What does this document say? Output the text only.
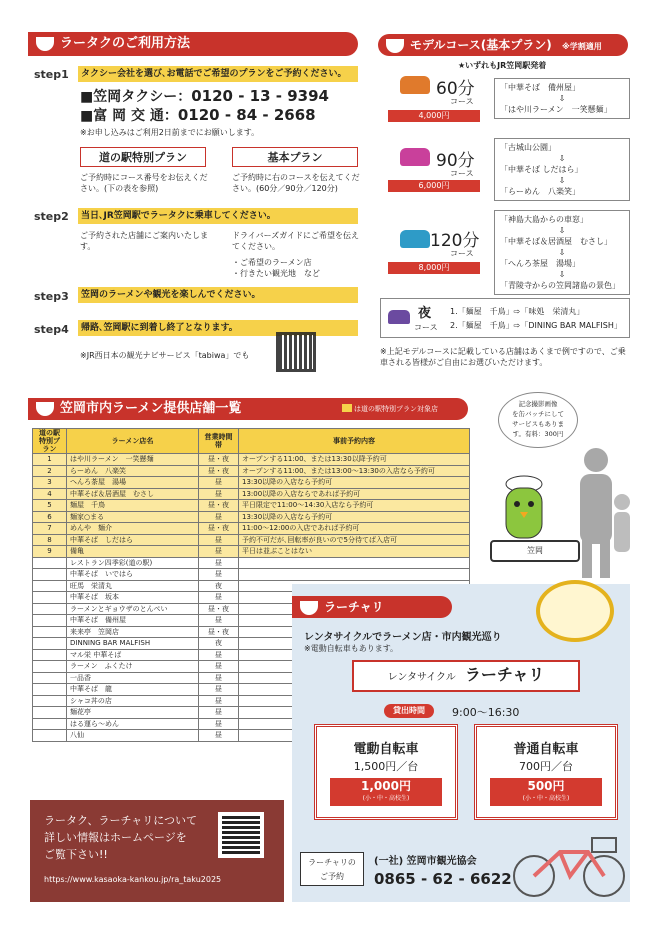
ラータクのご利用方法
step1	タクシー会社を選び､お電話でご希望のプランをご予約ください。
■笠岡タクシー：0120 - 13 - 9394
■富 岡 交 通：0120 - 84 - 2668
※お申し込みはご利用2日前までにお願いします。
道の駅特別プラン
ご予約時にコース番号をお伝えください。(下の表を参照)
基本プラン
ご予約時に右のコースを伝えてください。(60分／90分／120分)
step2	当日､JR笠岡駅でラータクに乗車してください。
ご予約された店舗にご案内いたします。
ドライバーズガイドにご希望を伝えてください。
・ご希望のラーメン店
・行きたい観光地　など
step3	笠岡のラーメンや観光を楽しんでください。
step4	帰路､笠岡駅に到着し終了となります。
※JR西日本の観光ナビサービス「tabiwa」でも
モデルコース(基本プラン) ※学割適用
★いずれもJR笠岡駅発着
60分
コース
4,000円
「中華そば　備州屋」
⇩
「はや川ラーメン　一笑懸麺」
90分
コース
6,000円
「古城山公園」
⇩
「中華そば しだはら」
⇩
「らーめん　八楽笑」
120分
コース
8,000円
「神島大島からの車窓」
⇩
「中華そば＆居酒屋　むさし」
⇩
「へんろ茶屋　湯場」
⇩
「青陵寺からの笠岡諸島の景色」
夜
コース
1.「麺屋　千鳥」⇨「味処　栄清丸」
2.「麺屋　千鳥」⇨「DINING BAR MALFISH」
※上記モデルコースに記載している店舗はあくまで例ですので、ご乗車される皆様がご自由にお選びいただけます。
笠岡市内ラーメン提供店舗一覧	は道の駅特別プラン対象店
道の駅特別プラン	ラーメン店名	営業時間帯	事前予約内容
1	はや川ラーメン　一笑懸麺	昼・夜	オープンする11:00、または13:30以降予約可
2	らーめん　八楽笑	昼・夜	オープンする11:00、または13:00〜13:30の入店なら予約可
3	へんろ茶屋　湯場	昼	13:30以降の入店なら予約可
4	中華そば＆居酒屋　むさし	昼	13:00以降の入店ならであれば予約可
5	麺屋　千鳥	昼・夜	平日限定で11:00〜14:30入店なら予約可
6	麺家○まる	昼	13:30以降の入店なら予約可
7	めんや　麺介	昼・夜	11:00〜12:00の入店であれば予約可
8	中華そば　しだはら	昼	予約不可だが､回転率が良いので5分待てば入店可
9	備亀	昼	平日は並ぶことはない
	レストラン四季彩(道の駅)	昼	
	中華そば　いではら	昼	
	旺馬　栄清丸	夜	
	中華そば　坂本	昼	
	ラーメンとギョウザのとんぺい	昼・夜	
	中華そば　備州屋	昼	
	来来亭　笠岡店	昼・夜	
	DINNING BAR MALFISH	夜	
	マル栄 中華そば	昼	
	ラーメン　ふくたけ	昼	
	一品香	昼	
	中華そば　龍	昼	
	シャコ丼の店	昼	
	麺花亭	昼	
	はる運ら〜めん	昼	
	八仙	昼	
記念撮影画像
を缶バッチにして
サービスもありま
す。有料：300円
笠岡
ラータク、ラーチャリについて
詳しい情報はホームページを
ご覧下さい!!
https://www.kasaoka-kankou.jp/ra_taku2025
ラーチャリ
レンタサイクルでラーメン店・市内観光巡り
※電動自転車もあります。
レンタサイクル ラーチャリ
貸出時間	9:00〜16:30
電動自転車
1,500円／台
1,000円
(小・中・高校生)
普通自転車
700円／台
500円
(小・中・高校生)
ラーチャリの
ご予約
(一社) 笠岡市観光協会
0865 - 62 - 6622
